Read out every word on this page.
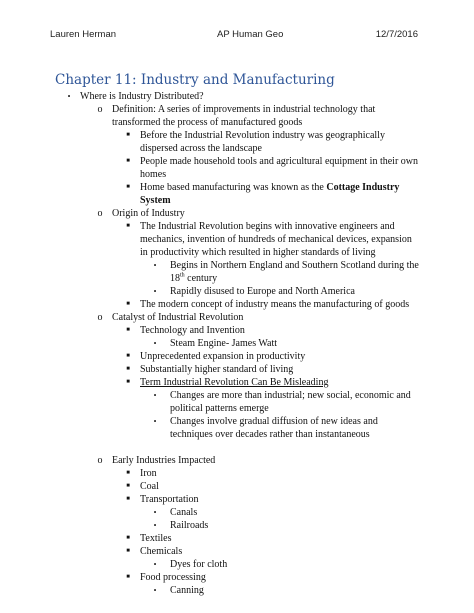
Lauren Herman	AP Human Geo	12/7/2016
Chapter 11: Industry and Manufacturing
• Where is Industry Distributed?
o Definition: A series of improvements in industrial technology that transformed the process of manufactured goods
■	Before the Industrial Revolution industry was geographically dispersed across the landscape
■	People made household tools and agricultural equipment in their own homes
■	Home based manufacturing was known as the Cottage Industry System
o Origin of Industry
■	The Industrial Revolution begins with innovative engineers and mechanics, invention of hundreds of mechanical devices, expansion in productivity which resulted in higher standards of living
•	Begins in Northern England and Southern Scotland during the 18th century
•	Rapidly disused to Europe and North America
■	The modern concept of industry means the manufacturing of goods
o Catalyst of Industrial Revolution
■	Technology and Invention
•	Steam Engine- James Watt
■	Unprecedented expansion in productivity
■	Substantially higher standard of living
■	Term Industrial Revolution Can Be Misleading
•	Changes are more than industrial; new social, economic and political patterns emerge
•	Changes involve gradual diffusion of new ideas and techniques over decades rather than instantaneous
o Early Industries Impacted
■	Iron
■	Coal
■	Transportation
•	Canals
•	Railroads
■	Textiles
■	Chemicals
•	Dyes for cloth
■	Food processing
•	Canning
